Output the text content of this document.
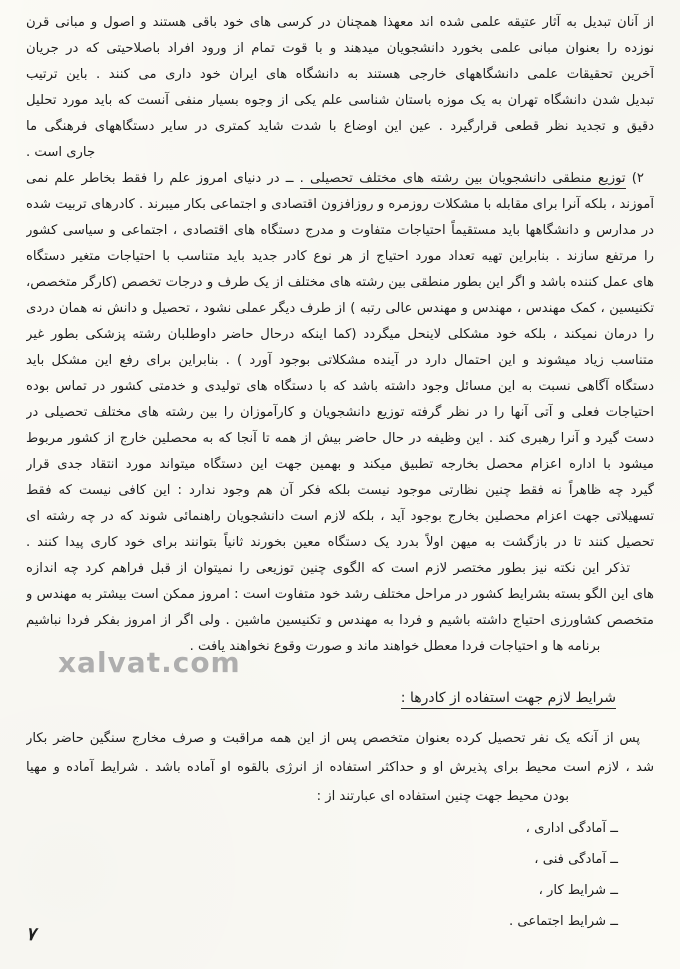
از آنان تبدیل به آثار عتیقه علمی شده اند معهذا همچنان در کرسی های خود باقی هستند و اصول و مبانی قرن
نوزده را بعنوان مبانی علمی بخورد دانشجویان میدهند و با قوت تمام از ورود افراد باصلاحیتی که در جریان
آخرین تحقیقات علمی دانشگاههای خارجی هستند به دانشگاه های ایران خود داری می کنند . باین ترتیب
تبدیل شدن دانشگاه تهران به یک موزه باستان شناسی علم یکی از وجوه بسیار منفی آنست که باید مورد تحلیل
دقیق و تجدید نظر قطعی قرارگیرد . عین این اوضاع با شدت شاید کمتری در سایر دستگاههای فرهنگی ما
جاری است .
۲) توزیع منطقی دانشجویان بین رشته های مختلف تحصیلی . ــ در دنیای امروز علم را فقط بخاطر علم نمی
آموزند ، بلکه آنرا برای مقابله با مشکلات روزمره و روزافزون اقتصادی و اجتماعی بکار میبرند . کادرهای تربیت شده
در مدارس و دانشگاهها باید مستقیماً احتیاجات متفاوت و مدرج دستگاه های اقتصادی ، اجتماعی و سیاسی کشور
را مرتفع سازند . بنابراین تهیه تعداد مورد احتیاج از هر نوع کادر جدید باید متناسب با احتیاجات متغیر دستگاه‌
های عمل کننده باشد و اگر این بطور منطقی بین رشته های مختلف از یک طرف و درجات تخصص (کارگر متخصص،
تکنیسین ، کمک مهندس ، مهندس و مهندس عالی رتبه ) از طرف دیگر عملی نشود ، تحصیل و دانش نه همان دردی
را درمان نمیکند ، بلکه خود مشکلی لاینحل میگردد (کما اینکه درحال حاضر داوطلبان رشته پزشکی بطور غیر
متناسب زیاد میشوند و این احتمال دارد در آینده مشکلاتی بوجود آورد ) . بنابراین برای رفع این مشکل باید
دستگاه آگاهی نسبت به این مسائل وجود داشته باشد که با دستگاه های تولیدی و خدمتی کشور در تماس بوده
احتیاجات فعلی و آتی آنها را در نظر گرفته توزیع دانشجویان و کارآموزان را بین رشته های مختلف تحصیلی در
دست گیرد و آنرا رهبری کند . این وظیفه در حال حاضر بیش از همه تا آنجا که به محصلین خارج از کشور مربوط
میشود با اداره اعزام محصل بخارجه تطبیق میکند و بهمین جهت این دستگاه میتواند مورد انتقاد جدی قرار
گیرد چه ظاهراً نه فقط چنین نظارتی موجود نیست بلکه فکر آن هم وجود ندارد : این کافی نیست که فقط
تسهیلاتی جهت اعزام محصلین بخارج بوجود آید ، بلکه لازم است دانشجویان راهنمائی شوند که در چه رشته ای
تحصیل کنند تا در بازگشت به میهن اولاً بدرد یک دستگاه معین بخورند ثانیاً بتوانند برای خود کاری پیدا کنند .
تذکر این نکته نیز بطور مختصر لازم است که الگوی چنین توزیعی را نمیتوان از قبل فراهم کرد چه اندازه‌
های این الگو بسته بشرایط کشور در مراحل مختلف رشد خود متفاوت است : امروز ممکن است بیشتر به مهندس و
متخصص کشاورزی احتیاج داشته باشیم و فردا به مهندس و تکنیسین ماشین . ولی اگر از امروز بفکر فردا نباشیم
برنامه ها و احتیاجات فردا معطل خواهند ماند و صورت وقوع نخواهند یافت .
شرایط لازم جهت استفاده از کادرها :
پس از آنکه یک نفر تحصیل کرده بعنوان متخصص پس از این همه مراقبت و صرف مخارج سنگین حاضر بکار
شد ، لازم است محیط برای پذیرش او و حداکثر استفاده از انرژی بالقوه او آماده باشد . شرایط آماده و مهیا
بودن محیط جهت چنین استفاده ای عبارتند از :
ــ آمادگی اداری ،
ــ آمادگی فنی ،
ــ شرایط کار ،
ــ شرایط اجتماعی .
xalvat.com
٧
